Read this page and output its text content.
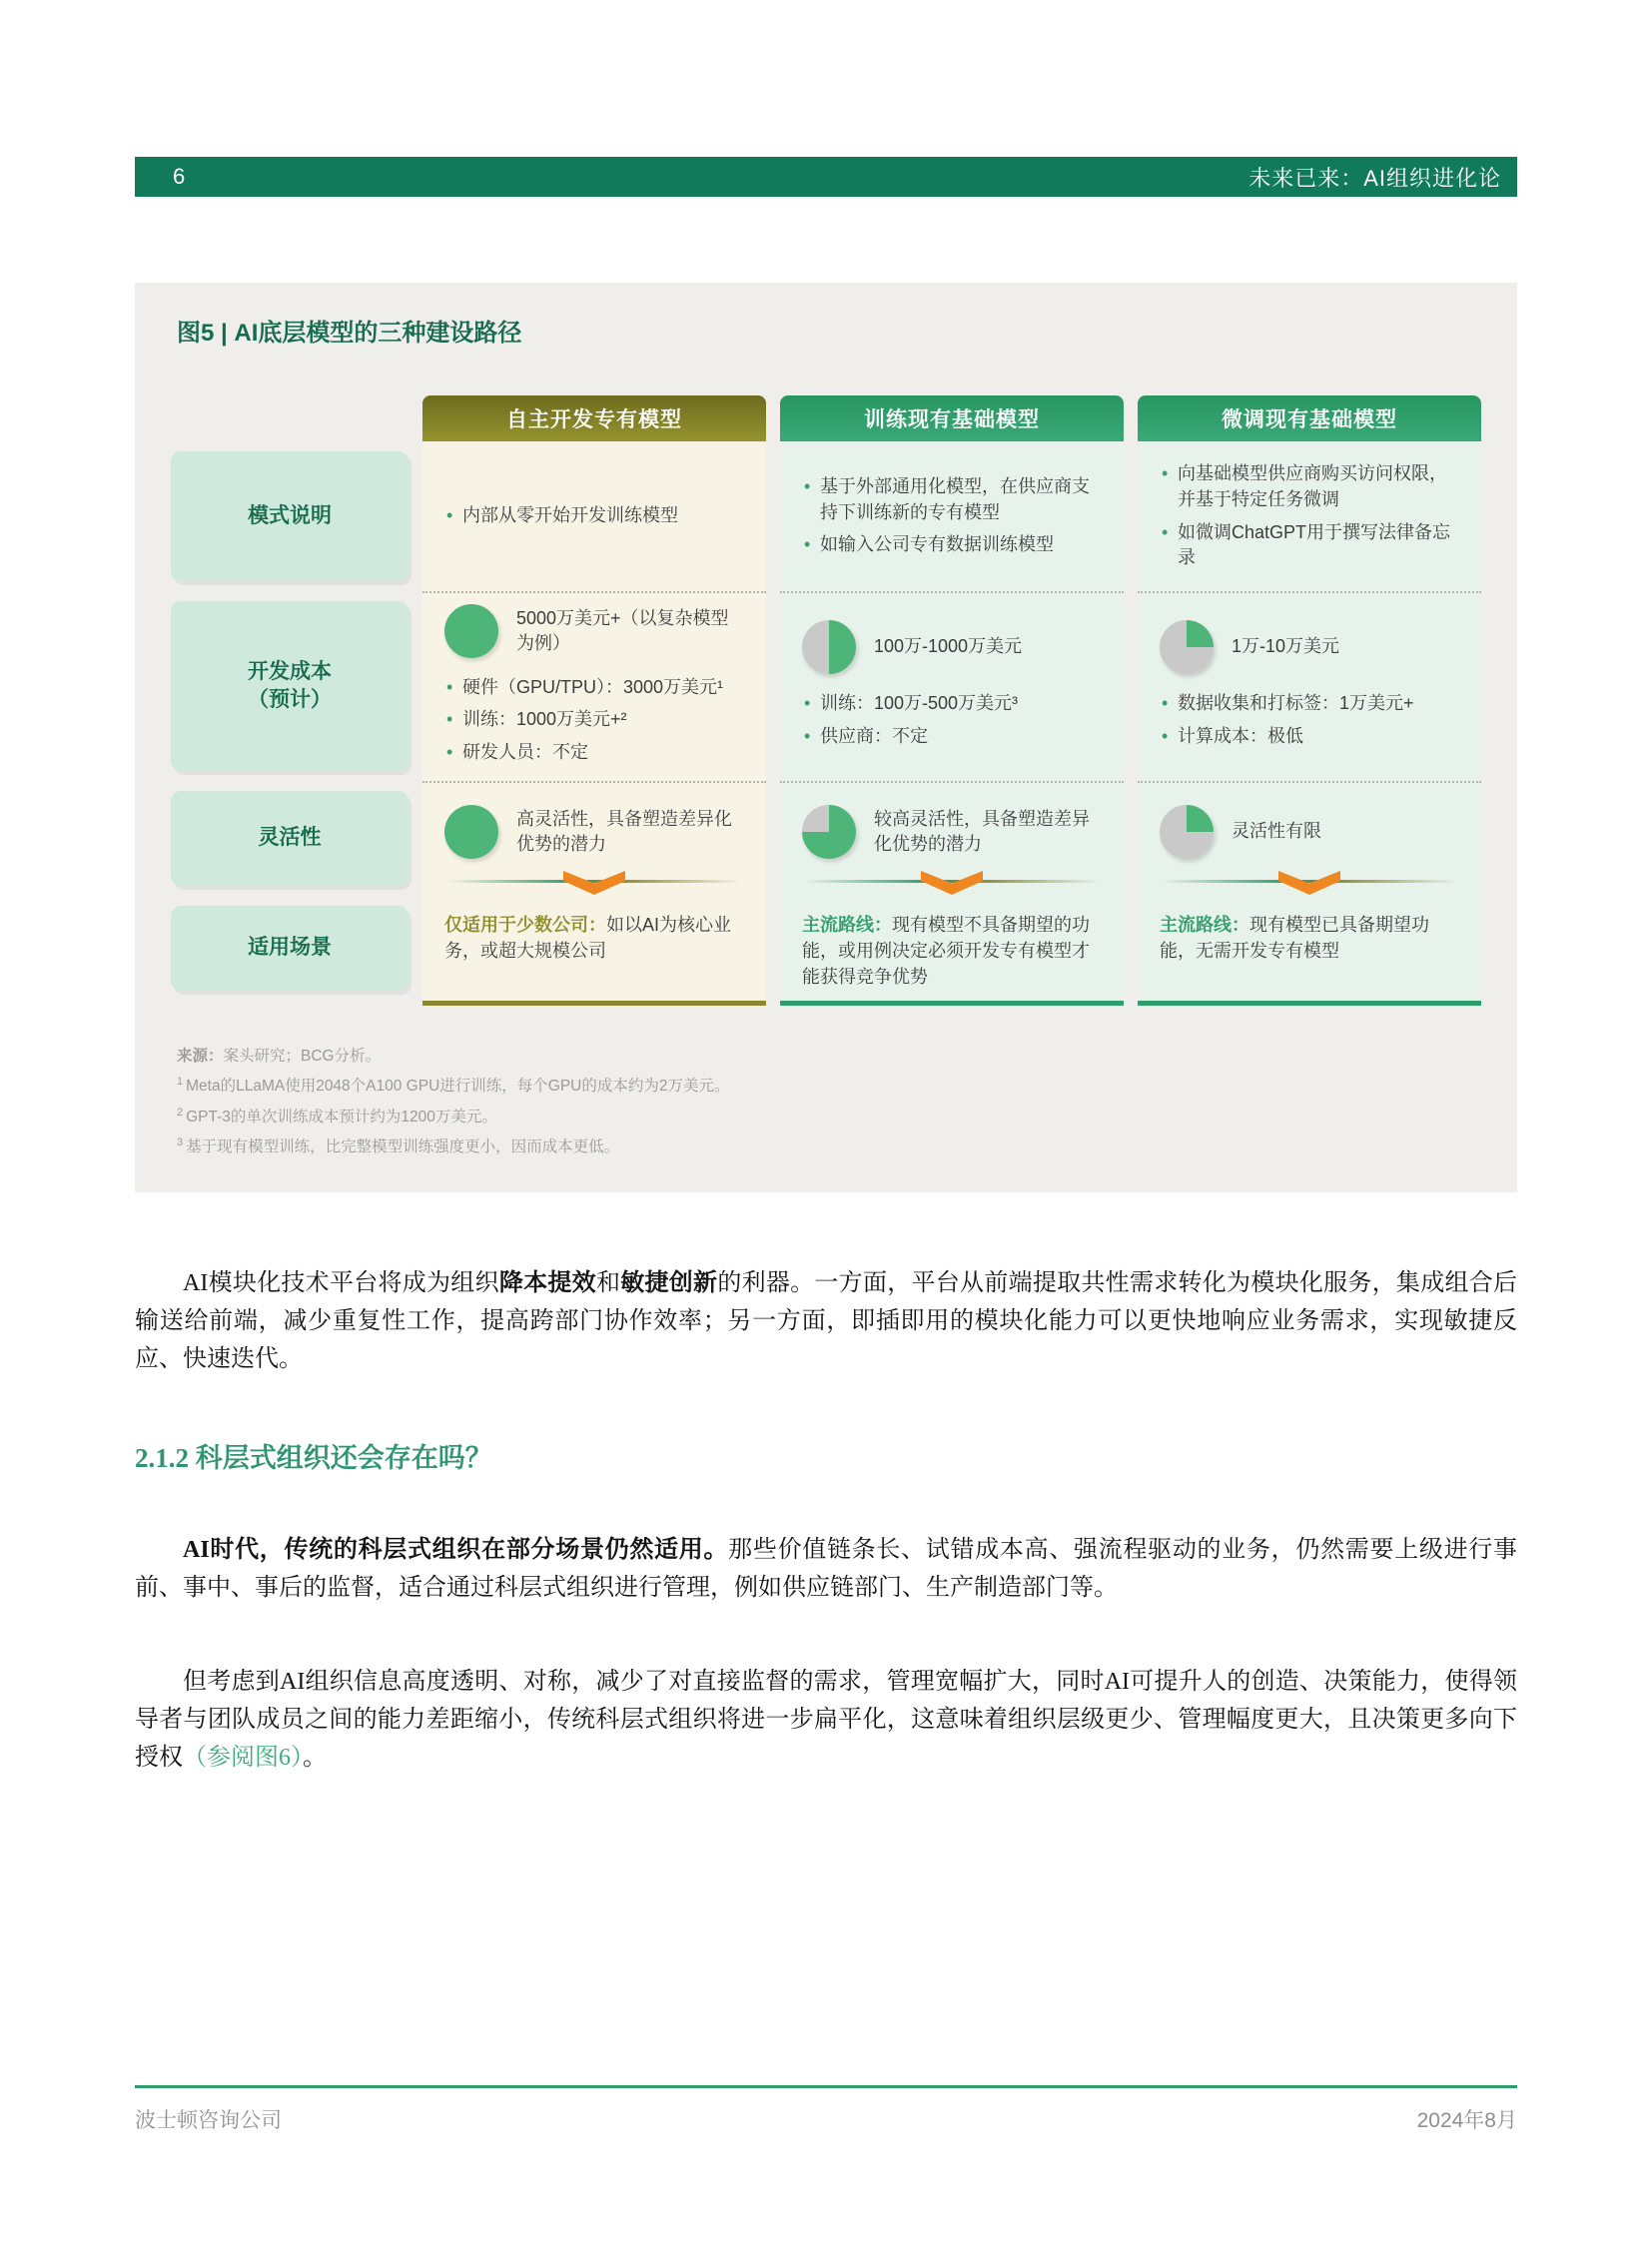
6	未来已来：AI组织进化论
图5 | AI底层模型的三种建设路径
模式说明
开发成本
（预计）
灵活性
适用场景
自主开发专有模型
• 内部从零开始开发训练模型
5000万美元+（以复杂模型为例）
• 硬件（GPU/TPU）：3000万美元¹
• 训练：1000万美元+²
• 研发人员：不定
高灵活性，具备塑造差异化优势的潜力
仅适用于少数公司：如以AI为核心业务，或超大规模公司
训练现有基础模型
• 基于外部通用化模型，在供应商支持下训练新的专有模型
• 如输入公司专有数据训练模型
100万-1000万美元
• 训练：100万-500万美元³
• 供应商：不定
较高灵活性，具备塑造差异化优势的潜力
主流路线：现有模型不具备期望的功能，或用例决定必须开发专有模型才能获得竞争优势
微调现有基础模型
• 向基础模型供应商购买访问权限，并基于特定任务微调
• 如微调ChatGPT用于撰写法律备忘录
1万-10万美元
• 数据收集和打标签：1万美元+
• 计算成本：极低
灵活性有限
主流路线：现有模型已具备期望功能，无需开发专有模型
来源：案头研究；BCG分析。
$^1$ Meta的LLaMA使用2048个A100 GPU进行训练，每个GPU的成本约为2万美元。
$^2$ GPT-3的单次训练成本预计约为1200万美元。
$^3$ 基于现有模型训练，比完整模型训练强度更小，因而成本更低。

AI模块化技术平台将成为组织降本提效和敏捷创新的利器。一方面，平台从前端提取共性需求转化为模块化服务，集成组合后输送给前端，减少重复性工作，提高跨部门协作效率；另一方面，即插即用的模块化能力可以更快地响应业务需求，实现敏捷反应、快速迭代。

2.1.2 科层式组织还会存在吗？

AI时代，传统的科层式组织在部分场景仍然适用。那些价值链条长、试错成本高、强流程驱动的业务，仍然需要上级进行事前、事中、事后的监督，适合通过科层式组织进行管理，例如供应链部门、生产制造部门等。

但考虑到AI组织信息高度透明、对称，减少了对直接监督的需求，管理宽幅扩大，同时AI可提升人的创造、决策能力，使得领导者与团队成员之间的能力差距缩小，传统科层式组织将进一步扁平化，这意味着组织层级更少、管理幅度更大，且决策更多向下授权（参阅图6）。

波士顿咨询公司	2024年8月
